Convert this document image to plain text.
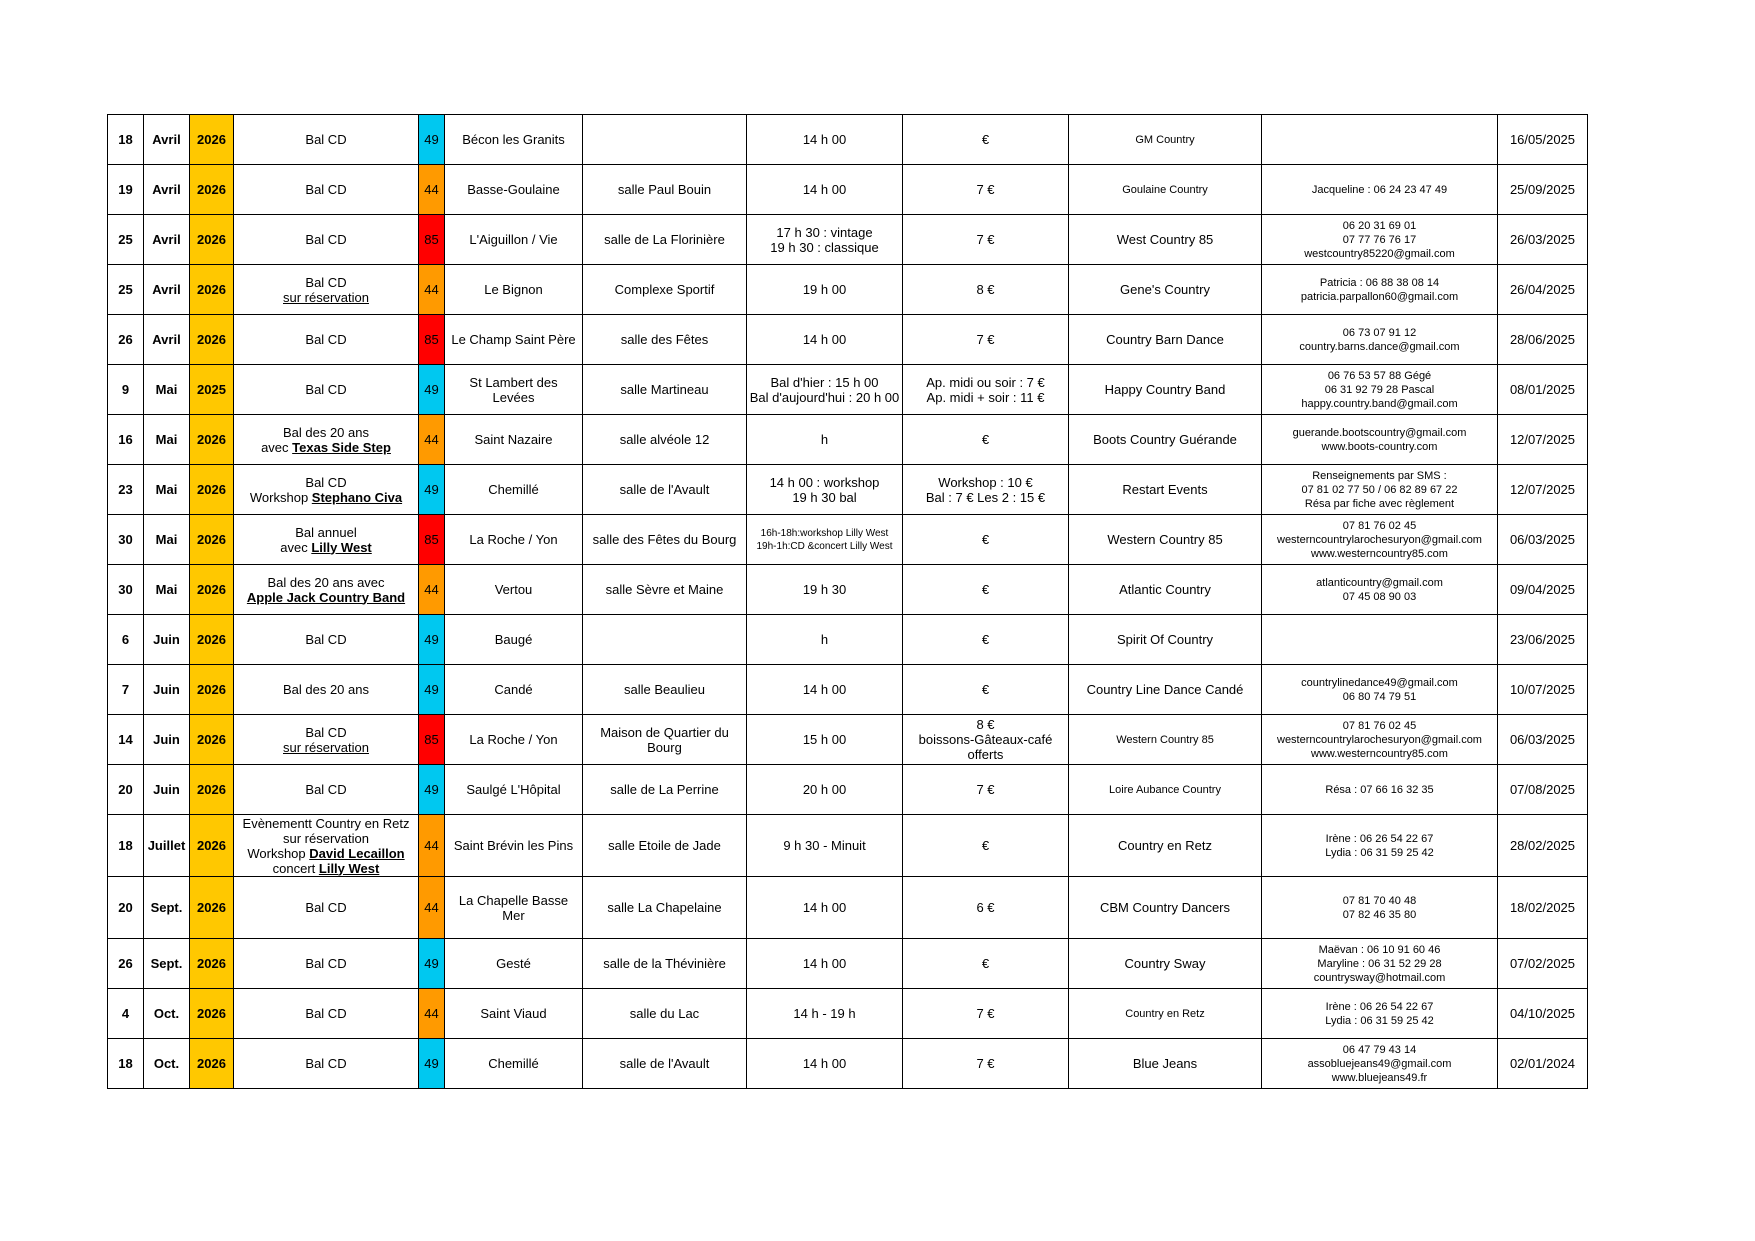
18	Avril	2026	Bal CD	49	Bécon les Granits		14 h 00	€	GM Country		16/05/2025
19	Avril	2026	Bal CD	44	Basse-Goulaine	salle Paul Bouin	14 h 00	7 €	Goulaine Country	Jacqueline : 06 24 23 47 49	25/09/2025
25	Avril	2026	Bal CD	85	L'Aiguillon / Vie	salle de La Florinière	17 h 30 : vintage
19 h 30 : classique	7 €	West Country 85	06 20 31 69 01
07 77 76 76 17
westcountry85220@gmail.com	26/03/2025
25	Avril	2026	Bal CD
sur réservation	44	Le Bignon	Complexe Sportif	19 h 00	8 €	Gene's Country	Patricia : 06 88 38 08 14
patricia.parpallon60@gmail.com	26/04/2025
26	Avril	2026	Bal CD	85	Le Champ Saint Père	salle des Fêtes	14 h 00	7 €	Country Barn Dance	06 73 07 91 12
country.barns.dance@gmail.com	28/06/2025
9	Mai	2025	Bal CD	49	St Lambert des Levées	salle Martineau	Bal d'hier : 15 h 00
Bal d'aujourd'hui : 20 h 00	Ap. midi ou soir : 7 €
Ap. midi + soir : 11 €	Happy Country Band	06 76 53 57 88 Gégé
06 31 92 79 28 Pascal
happy.country.band@gmail.com	08/01/2025
16	Mai	2026	Bal des 20 ans
avec Texas Side Step	44	Saint Nazaire	salle alvéole 12	h	€	Boots Country Guérande	guerande.bootscountry@gmail.com
www.boots-country.com	12/07/2025
23	Mai	2026	Bal CD
Workshop Stephano Civa	49	Chemillé	salle de l'Avault	14 h 00 : workshop
19 h 30 bal	Workshop : 10 €
Bal : 7 € Les 2 : 15 €	Restart Events	Renseignements par SMS :
07 81 02 77 50 / 06 82 89 67 22
Résa par fiche avec règlement	12/07/2025
30	Mai	2026	Bal annuel
avec Lilly West	85	La Roche / Yon	salle des Fêtes du Bourg	16h-18h:workshop Lilly West
19h-1h:CD &concert Lilly West	€	Western Country 85	07 81 76 02 45
westerncountrylarochesuryon@gmail.com
www.westerncountry85.com	06/03/2025
30	Mai	2026	Bal des 20 ans avec
Apple Jack Country Band	44	Vertou	salle Sèvre et Maine	19 h 30	€	Atlantic Country	atlanticountry@gmail.com
07 45 08 90 03	09/04/2025
6	Juin	2026	Bal CD	49	Baugé		h	€	Spirit Of Country		23/06/2025
7	Juin	2026	Bal des 20 ans	49	Candé	salle Beaulieu	14 h 00	€	Country Line Dance Candé	countrylinedance49@gmail.com
06 80 74 79 51	10/07/2025
14	Juin	2026	Bal CD
sur réservation	85	La Roche / Yon	Maison de Quartier du
Bourg	15 h 00	8 €
boissons-Gâteaux-café
offerts	Western Country 85	07 81 76 02 45
westerncountrylarochesuryon@gmail.com
www.westerncountry85.com	06/03/2025
20	Juin	2026	Bal CD	49	Saulgé L'Hôpital	salle de La Perrine	20 h 00	7 €	Loire Aubance Country	Résa : 07 66 16 32 35	07/08/2025
18	Juillet	2026	Evènementt Country en Retz
sur réservation
Workshop David Lecaillon
concert Lilly West	44	Saint Brévin les Pins	salle Etoile de Jade	9 h 30 - Minuit	€	Country en Retz	Irène : 06 26 54 22 67
Lydia : 06 31 59 25 42	28/02/2025
20	Sept.	2026	Bal CD	44	La Chapelle Basse Mer	salle La Chapelaine	14 h 00	6 €	CBM Country Dancers	07 81 70 40 48
07 82 46 35 80	18/02/2025
26	Sept.	2026	Bal CD	49	Gesté	salle de la Thévinière	14 h 00	€	Country Sway	Maëvan : 06 10 91 60 46
Maryline : 06 31 52 29 28
countrysway@hotmail.com	07/02/2025
4	Oct.	2026	Bal CD	44	Saint Viaud	salle du Lac	14 h - 19 h	7 €	Country en Retz	Irène : 06 26 54 22 67
Lydia : 06 31 59 25 42	04/10/2025
18	Oct.	2026	Bal CD	49	Chemillé	salle de l'Avault	14 h 00	7 €	Blue Jeans	06 47 79 43 14
assobluejeans49@gmail.com
www.bluejeans49.fr	02/01/2024
